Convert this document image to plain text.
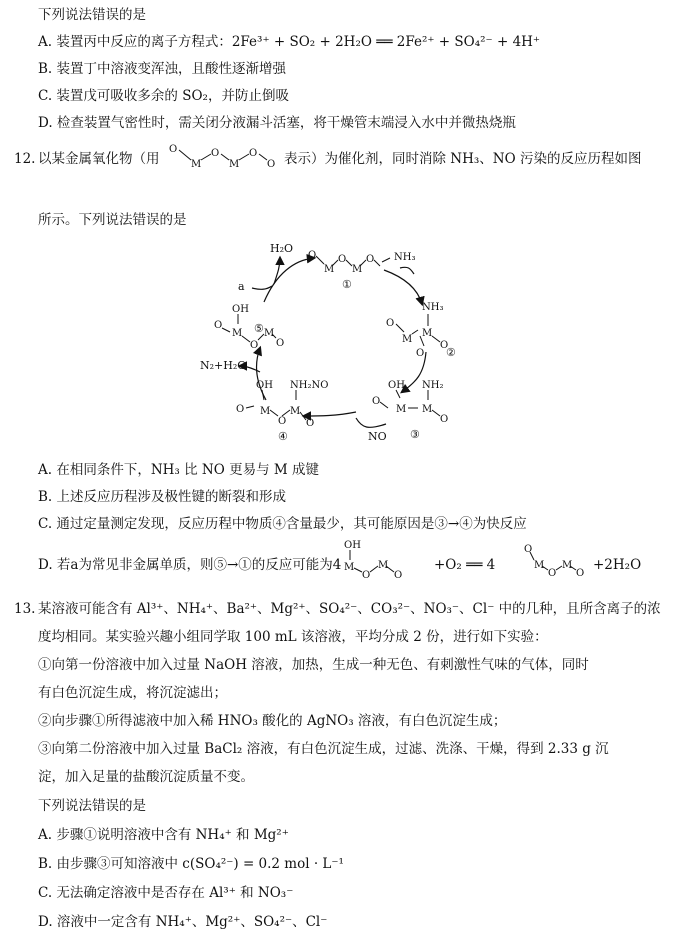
下列说法错误的是
A. 装置丙中反应的离子方程式：2Fe³⁺ + SO₂ + 2H₂O ══ 2Fe²⁺ + SO₄²⁻ + 4H⁺
B. 装置丁中溶液变浑浊，且酸性逐渐增强
C. 装置戊可吸收多余的 SO₂，并防止倒吸
D. 检查装置气密性时，需关闭分液漏斗活塞，将干燥管末端浸入水中并微热烧瓶
12. 以某金属氧化物（用
O
M
O
M
O
O 表示）为催化剂，同时消除 NH₃、NO 污染的反应历程如图
所示。下列说法错误的是
H₂O
a
N₂+H₂O
NO
O
M
O
M
O
①
NH₃
NH₃
O
M
M
O
O ②
OH NH₂
O
M M
O
③
OH NH₂NO
O M
O
M
O
④
OH
O
M
O
M
O
⑤
A. 在相同条件下，NH₃ 比 NO 更易与 M 成键
B. 上述反应历程涉及极性键的断裂和形成
C. 通过定量测定发现，反应历程中物质④含量最少，其可能原因是③→④为快反应
D. 若a为常见非金属单质，则⑤→①的反应可能为4
OH
M
O
M
O
+O₂ ══ 4
O
M
O
M
O
+2H₂O
13. 某溶液可能含有 Al³⁺、NH₄⁺、Ba²⁺、Mg²⁺、SO₄²⁻、CO₃²⁻、NO₃⁻、Cl⁻ 中的几种，且所含离子的浓
度均相同。某实验兴趣小组同学取 100 mL 该溶液，平均分成 2 份，进行如下实验：
①向第一份溶液中加入过量 NaOH 溶液，加热，生成一种无色、有刺激性气味的气体，同时
有白色沉淀生成，将沉淀滤出；
②向步骤①所得滤液中加入稀 HNO₃ 酸化的 AgNO₃ 溶液，有白色沉淀生成；
③向第二份溶液中加入过量 BaCl₂ 溶液，有白色沉淀生成，过滤、洗涤、干燥，得到 2.33 g 沉
淀，加入足量的盐酸沉淀质量不变。
下列说法错误的是
A. 步骤①说明溶液中含有 NH₄⁺ 和 Mg²⁺
B. 由步骤③可知溶液中 c(SO₄²⁻) = 0.2 mol · L⁻¹
C. 无法确定溶液中是否存在 Al³⁺ 和 NO₃⁻
D. 溶液中一定含有 NH₄⁺、Mg²⁺、SO₄²⁻、Cl⁻
